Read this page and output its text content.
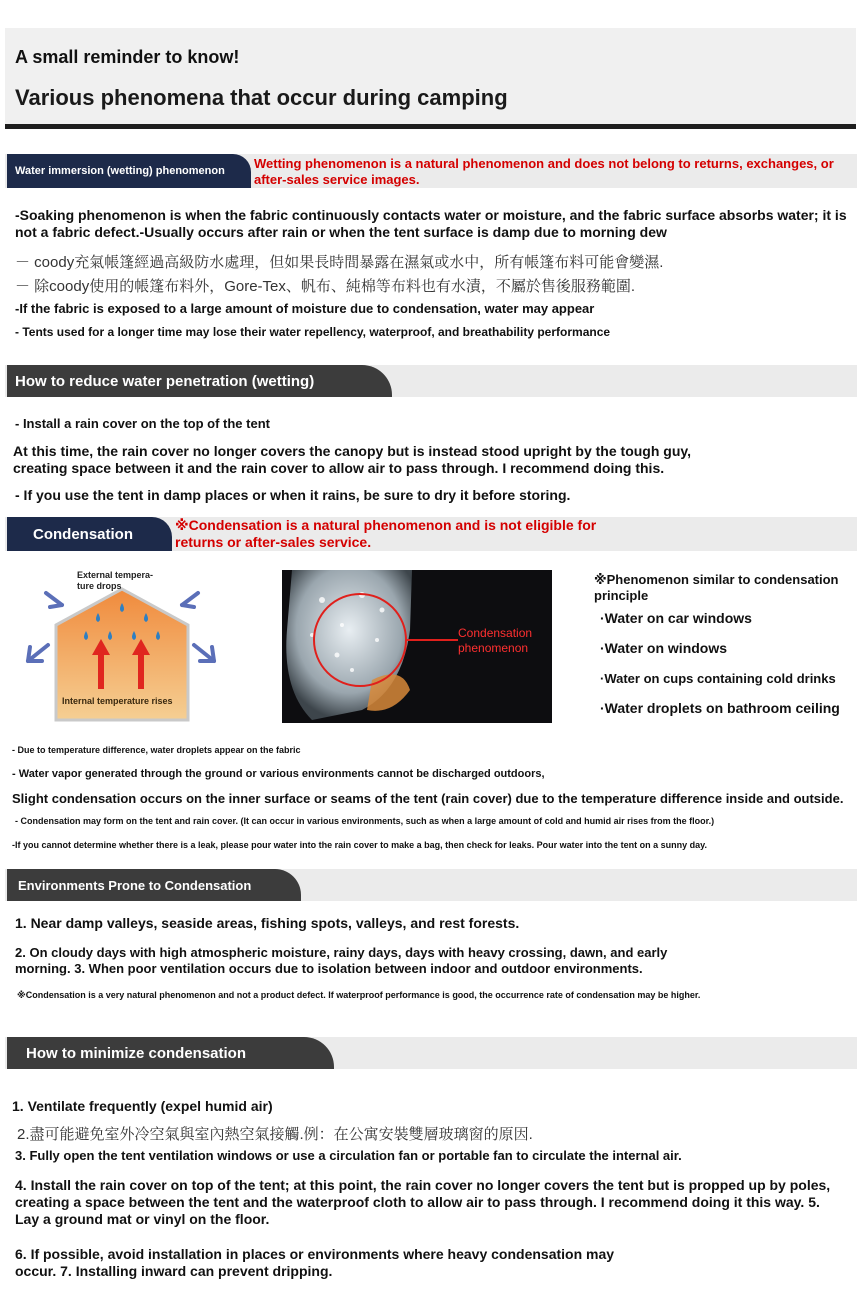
A small reminder to know!
Various phenomena that occur during camping
Water immersion (wetting) phenomenon Wetting phenomenon is a natural phenomenon and does not belong to returns, exchanges, or after-sales service images.
-Soaking phenomenon is when the fabric continuously contacts water or moisture, and the fabric surface absorbs water; it is not a fabric defect.-Usually occurs after rain or when the tent surface is damp due to morning dew
－ coody充氣帳篷經過高級防水處理，但如果長時間暴露在濕氣或水中，所有帳篷布料可能會變濕.
－ 除coody使用的帳篷布料外，Gore-Tex、帆布、純棉等布料也有水漬，不屬於售後服務範圍.
-If the fabric is exposed to a large amount of moisture due to condensation, water may appear
- Tents used for a longer time may lose their water repellency, waterproof, and breathability performance
How to reduce water penetration (wetting)
- Install a rain cover on the top of the tent
At this time, the rain cover no longer covers the canopy but is instead stood upright by the tough guy, creating space between it and the rain cover to allow air to pass through. I recommend doing this.
- If you use the tent in damp places or when it rains, be sure to dry it before storing.
Condensation
※Condensation is a natural phenomenon and is not eligible for returns or after-sales service.
External tempera-
ture drops
Internal temperature rises
Condensation
phenomenon
※Phenomenon similar to condensation principle
·Water on car windows
·Water on windows
·Water on cups containing cold drinks
·Water droplets on bathroom ceiling
- Due to temperature difference, water droplets appear on the fabric
- Water vapor generated through the ground or various environments cannot be discharged outdoors,
Slight condensation occurs on the inner surface or seams of the tent (rain cover) due to the temperature difference inside and outside.
- Condensation may form on the tent and rain cover. (It can occur in various environments, such as when a large amount of cold and humid air rises from the floor.)
-If you cannot determine whether there is a leak, please pour water into the rain cover to make a bag, then check for leaks. Pour water into the tent on a sunny day.
Environments Prone to Condensation
1. Near damp valleys, seaside areas, fishing spots, valleys, and rest forests.
2. On cloudy days with high atmospheric moisture, rainy days, days with heavy crossing, dawn, and early morning. 3. When poor ventilation occurs due to isolation between indoor and outdoor environments.
※Condensation is a very natural phenomenon and not a product defect. If waterproof performance is good, the occurrence rate of condensation may be higher.
How to minimize condensation
1. Ventilate frequently (expel humid air)
2.盡可能避免室外冷空氣與室內熱空氣接觸.例：在公寓安裝雙層玻璃窗的原因.
3. Fully open the tent ventilation windows or use a circulation fan or portable fan to circulate the internal air.
4. Install the rain cover on top of the tent; at this point, the rain cover no longer covers the tent but is propped up by poles, creating a space between the tent and the waterproof cloth to allow air to pass through. I recommend doing it this way. 5. Lay a ground mat or vinyl on the floor.
6. If possible, avoid installation in places or environments where heavy condensation may occur. 7. Installing inward can prevent dripping.
